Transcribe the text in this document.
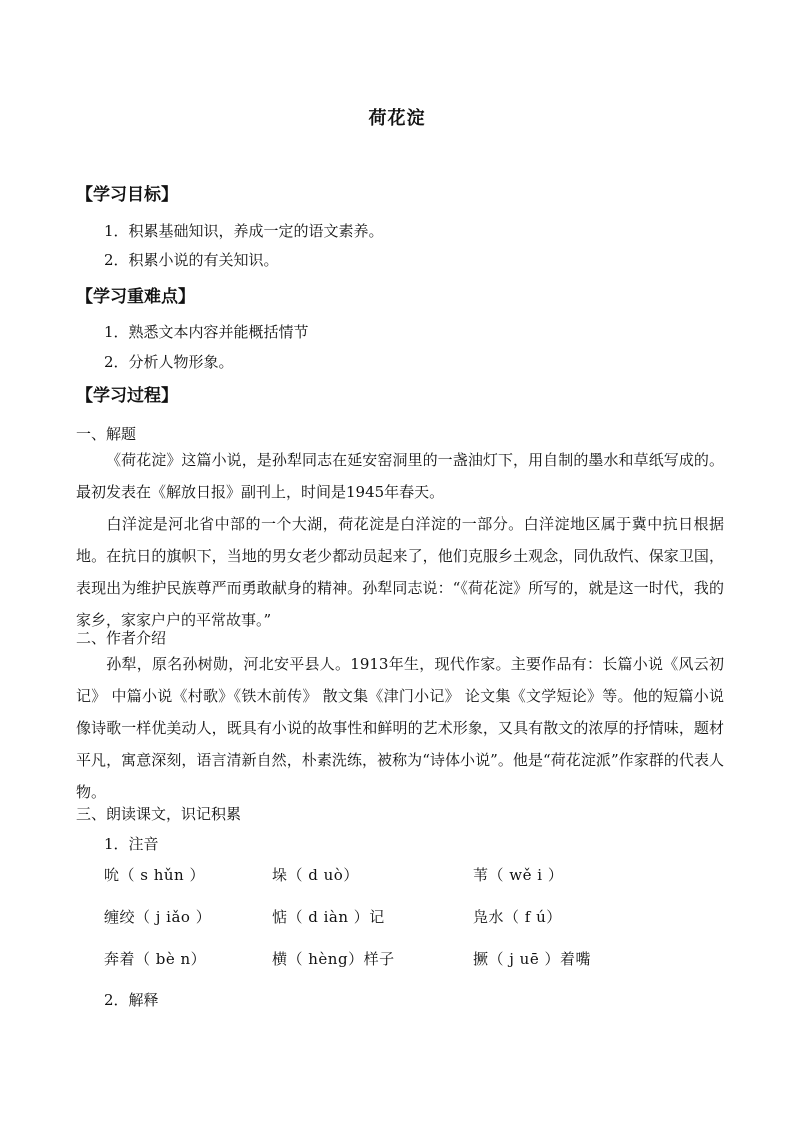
荷花淀
【学习目标】
1．积累基础知识，养成一定的语文素养。
2．积累小说的有关知识。
【学习重难点】
1．熟悉文本内容并能概括情节
2．分析人物形象。
【学习过程】
一、解题
《荷花淀》这篇小说，是孙犁同志在延安窑洞里的一盏油灯下，用自制的墨水和草纸写成的。最初发表在《解放日报》副刊上，时间是1945年春天。
白洋淀是河北省中部的一个大湖，荷花淀是白洋淀的一部分。白洋淀地区属于冀中抗日根据地。在抗日的旗帜下，当地的男女老少都动员起来了，他们克服乡土观念，同仇敌忾、保家卫国，表现出为维护民族尊严而勇敢献身的精神。孙犁同志说：“《荷花淀》所写的，就是这一时代，我的家乡，家家户户的平常故事。”
二、作者介绍
孙犁，原名孙树勋，河北安平县人。1913年生，现代作家。主要作品有：长篇小说《风云初记》 中篇小说《村歌》《铁木前传》 散文集《津门小记》 论文集《文学短论》等。他的短篇小说像诗歌一样优美动人，既具有小说的故事性和鲜明的艺术形象，又具有散文的浓厚的抒情味，题材平凡，寓意深刻，语言清新自然，朴素洗练，被称为“诗体小说”。他是“荷花淀派”作家群的代表人物。
三、朗读课文，识记积累
1．注音
吮（ s hǔn ）	垛（ d uò）	苇（ wě i ）
缠绞（ j iǎo ）	惦（ d iàn ）记	凫水（ f ú）
奔着（ bè n）	横（ hèng）样子	撅（ j uē ）着嘴
2．解释
